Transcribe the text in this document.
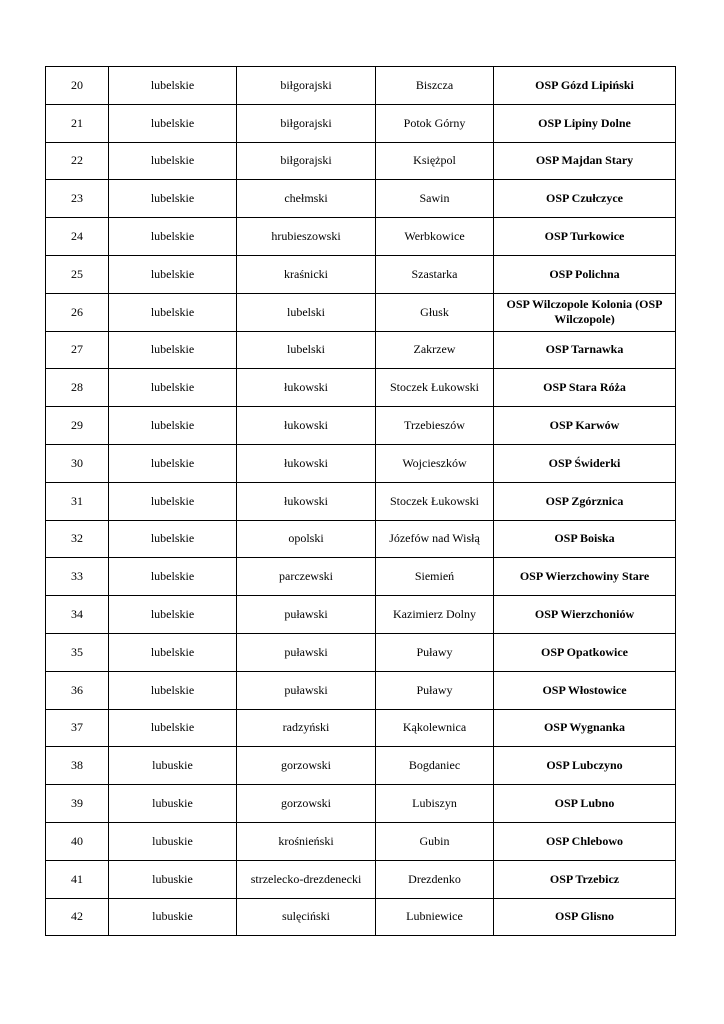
20	lubelskie	biłgorajski	Biszcza	OSP Gózd Lipiński
21	lubelskie	biłgorajski	Potok Górny	OSP Lipiny Dolne
22	lubelskie	biłgorajski	Księżpol	OSP Majdan Stary
23	lubelskie	chełmski	Sawin	OSP Czułczyce
24	lubelskie	hrubieszowski	Werbkowice	OSP Turkowice
25	lubelskie	kraśnicki	Szastarka	OSP Polichna
26	lubelskie	lubelski	Głusk	OSP Wilczopole Kolonia (OSP Wilczopole)
27	lubelskie	lubelski	Zakrzew	OSP Tarnawka
28	lubelskie	łukowski	Stoczek Łukowski	OSP Stara Róża
29	lubelskie	łukowski	Trzebieszów	OSP Karwów
30	lubelskie	łukowski	Wojcieszków	OSP Świderki
31	lubelskie	łukowski	Stoczek Łukowski	OSP Zgórznica
32	lubelskie	opolski	Józefów nad Wisłą	OSP Boiska
33	lubelskie	parczewski	Siemień	OSP Wierzchowiny Stare
34	lubelskie	puławski	Kazimierz Dolny	OSP Wierzchoniów
35	lubelskie	puławski	Puławy	OSP Opatkowice
36	lubelskie	puławski	Puławy	OSP Włostowice
37	lubelskie	radzyński	Kąkolewnica	OSP Wygnanka
38	lubuskie	gorzowski	Bogdaniec	OSP Lubczyno
39	lubuskie	gorzowski	Lubiszyn	OSP Lubno
40	lubuskie	krośnieński	Gubin	OSP Chlebowo
41	lubuskie	strzelecko-drezdenecki	Drezdenko	OSP Trzebicz
42	lubuskie	sulęciński	Lubniewice	OSP Glisno
